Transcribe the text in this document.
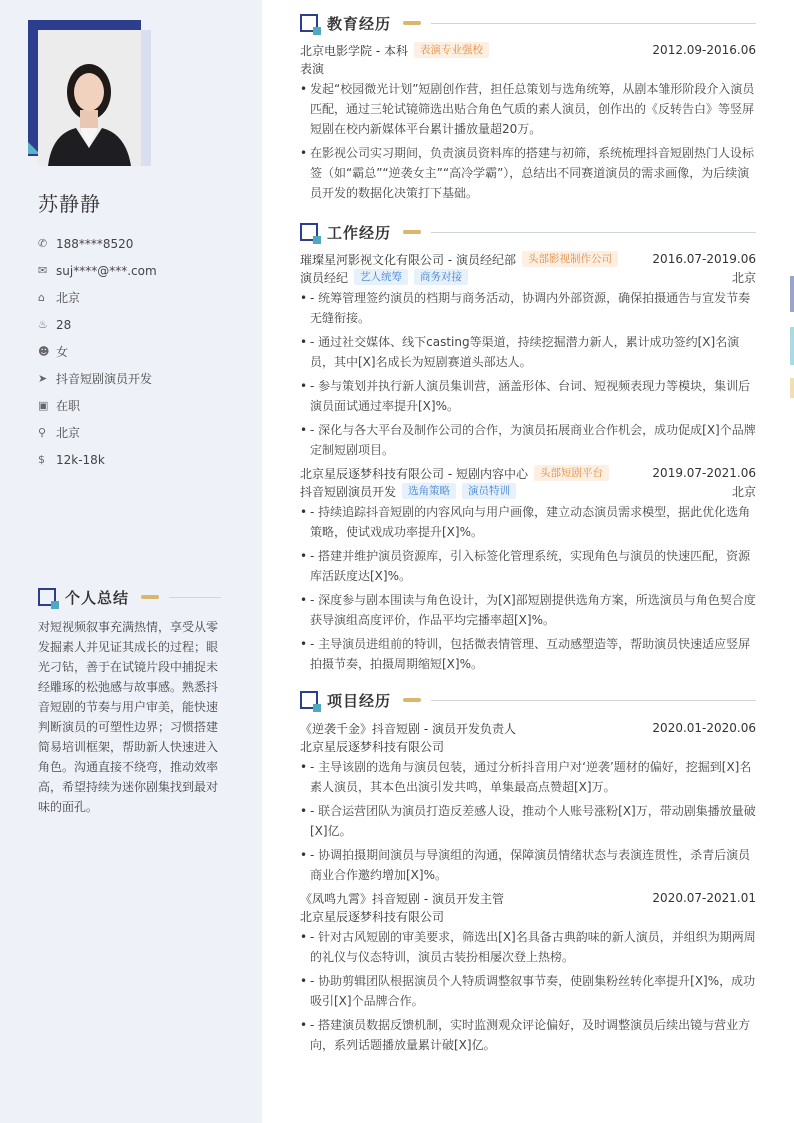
苏静静
✆ 188****8520
✉ suj****@***.com
⌂ 北京
♨ 28
☻ 女
➤ 抖音短剧演员开发
▣ 在职
⚲ 北京
$ 12k-18k
个人总结
对短视频叙事充满热情，享受从零发掘素人并见证其成长的过程；眼光刁钻，善于在试镜片段中捕捉未经雕琢的松弛感与故事感。熟悉抖音短剧的节奏与用户审美，能快速判断演员的可塑性边界；习惯搭建简易培训框架，帮助新人快速进入角色。沟通直接不绕弯，推动效率高，希望持续为迷你剧集找到最对味的面孔。
教育经历
北京电影学院 - 本科	表演专业强校	2012.09-2016.06
表演
• 发起“校园微光计划”短剧创作营，担任总策划与选角统筹，从剧本雏形阶段介入演员匹配，通过三轮试镜筛选出贴合角色气质的素人演员，创作出的《反转告白》等竖屏短剧在校内新媒体平台累计播放量超20万。
• 在影视公司实习期间，负责演员资料库的搭建与初筛，系统梳理抖音短剧热门人设标签（如“霸总”“逆袭女主”“高冷学霸”），总结出不同赛道演员的需求画像，为后续演员开发的数据化决策打下基础。
工作经历
璀璨星河影视文化有限公司 - 演员经纪部	头部影视制作公司	2016.07-2019.06
演员经纪	艺人统筹	商务对接	北京
• - 统筹管理签约演员的档期与商务活动，协调内外部资源，确保拍摄通告与宣发节奏无缝衔接。
• - 通过社交媒体、线下casting等渠道，持续挖掘潜力新人，累计成功签约[X]名演员，其中[X]名成长为短剧赛道头部达人。
• - 参与策划并执行新人演员集训营，涵盖形体、台词、短视频表现力等模块，集训后演员面试通过率提升[X]%。
• - 深化与各大平台及制作公司的合作，为演员拓展商业合作机会，成功促成[X]个品牌定制短剧项目。
北京星辰逐梦科技有限公司 - 短剧内容中心	头部短剧平台	2019.07-2021.06
抖音短剧演员开发	选角策略	演员特训	北京
• - 持续追踪抖音短剧的内容风向与用户画像，建立动态演员需求模型，据此优化选角策略，使试戏成功率提升[X]%。
• - 搭建并维护演员资源库，引入标签化管理系统，实现角色与演员的快速匹配，资源库活跃度达[X]%。
• - 深度参与剧本围读与角色设计，为[X]部短剧提供选角方案，所选演员与角色契合度获导演组高度评价，作品平均完播率超[X]%。
• - 主导演员进组前的特训，包括微表情管理、互动感塑造等，帮助演员快速适应竖屏拍摄节奏，拍摄周期缩短[X]%。
项目经历
《逆袭千金》抖音短剧 - 演员开发负责人	2020.01-2020.06
北京星辰逐梦科技有限公司
• - 主导该剧的选角与演员包装，通过分析抖音用户对‘逆袭’题材的偏好，挖掘到[X]名素人演员，其本色出演引发共鸣，单集最高点赞超[X]万。
• - 联合运营团队为演员打造反差感人设，推动个人账号涨粉[X]万，带动剧集播放量破[X]亿。
• - 协调拍摄期间演员与导演组的沟通，保障演员情绪状态与表演连贯性，杀青后演员商业合作邀约增加[X]%。
《凤鸣九霄》抖音短剧 - 演员开发主管	2020.07-2021.01
北京星辰逐梦科技有限公司
• - 针对古风短剧的审美要求，筛选出[X]名具备古典韵味的新人演员，并组织为期两周的礼仪与仪态特训，演员古装扮相屡次登上热榜。
• - 协助剪辑团队根据演员个人特质调整叙事节奏，使剧集粉丝转化率提升[X]%，成功吸引[X]个品牌合作。
• - 搭建演员数据反馈机制，实时监测观众评论偏好，及时调整演员后续出镜与营业方向，系列话题播放量累计破[X]亿。
